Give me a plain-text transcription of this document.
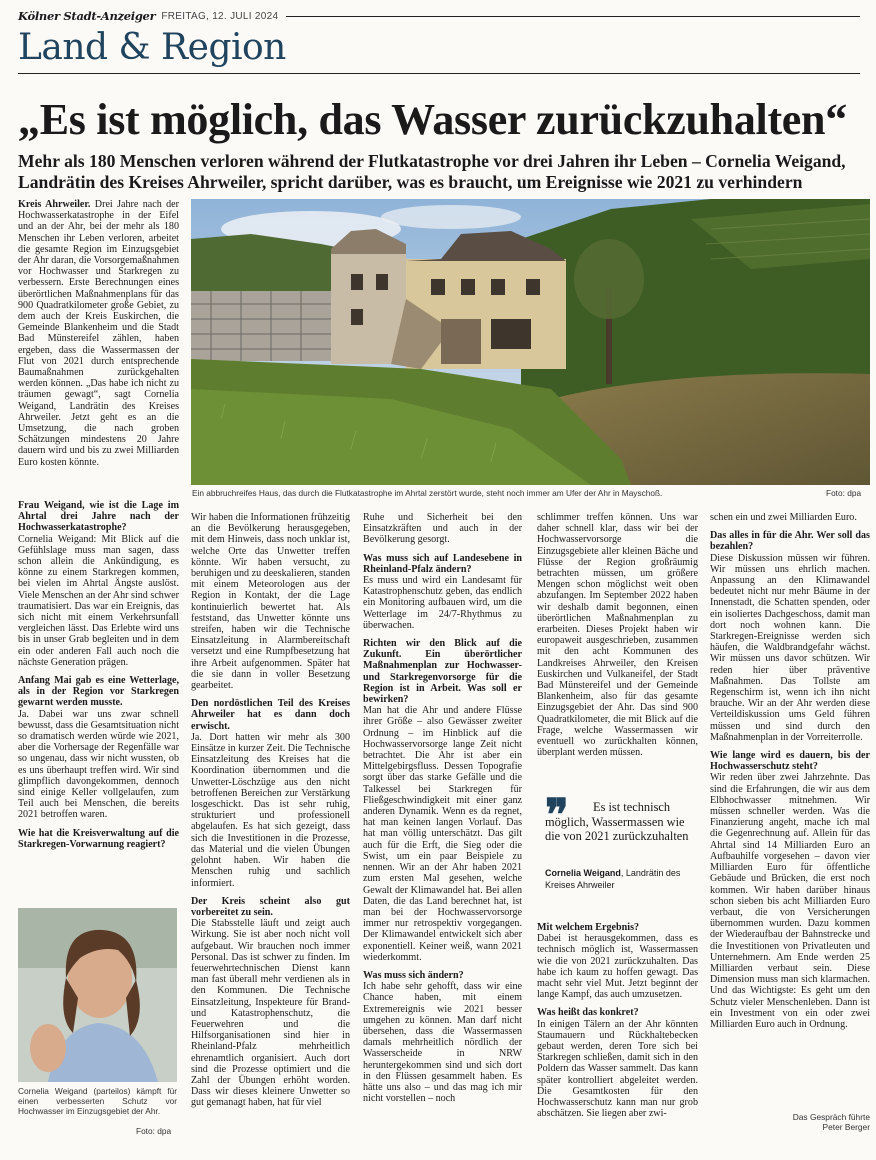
Kölner Stadt-Anzeiger FREITAG, 12. JULI 2024
Land & Region
„Es ist möglich, das Wasser zurückzuhalten“
Mehr als 180 Menschen verloren während der Flutkatastrophe vor drei Jahren ihr Leben – Cornelia Weigand, Landrätin des Kreises Ahrweiler, spricht darüber, was es braucht, um Ereignisse wie 2021 zu verhindern

Kreis Ahrweiler. Drei Jahre nach der Hochwasserkatastrophe in der Eifel und an der Ahr, bei der mehr als 180 Menschen ihr Leben verloren, arbeitet die gesamte Region im Einzugsgebiet der Ahr daran, die Vorsorgemaßnahmen vor Hochwasser und Starkregen zu verbessern. Erste Berechnungen eines überörtlichen Maßnahmenplans für das 900 Quadratkilometer große Gebiet, zu dem auch der Kreis Euskirchen, die Gemeinde Blankenheim und die Stadt Bad Münstereifel zählen, haben ergeben, dass die Wassermassen der Flut von 2021 durch entsprechende Baumaßnahmen zurückgehalten werden können. „Das habe ich nicht zu träumen gewagt“, sagt Cornelia Weigand, Landrätin des Kreises Ahrweiler. Jetzt geht es an die Umsetzung, die nach groben Schätzungen mindestens 20 Jahre dauern wird und bis zu zwei Milliarden Euro kosten könnte.

Ein abbruchreifes Haus, das durch die Flutkatastrophe im Ahrtal zerstört wurde, steht noch immer am Ufer der Ahr in Mayschoß.	Foto: dpa

Frau Weigand, wie ist die Lage im Ahrtal drei Jahre nach der Hochwasserkatastrophe?

Cornelia Weigand: Mit Blick auf die Gefühlslage muss man sagen, dass schon allein die Ankündigung, es könne zu einem Starkregen kommen, bei vielen im Ahrtal Ängste auslöst. Viele Menschen an der Ahr sind schwer traumatisiert. Das war ein Ereignis, das sich nicht mit einem Verkehrsunfall vergleichen lässt. Das Erlebte wird uns bis in unser Grab begleiten und in dem ein oder anderen Fall auch noch die nächste Generation prägen.

Anfang Mai gab es eine Wetterlage, als in der Region vor Starkregen gewarnt werden musste.

Ja. Dabei war uns zwar schnell bewusst, dass die Gesamtsituation nicht so dramatisch werden würde wie 2021, aber die Vorhersage der Regenfälle war so ungenau, dass wir nicht wussten, ob es uns überhaupt treffen wird. Wir sind glimpflich davongekommen, dennoch sind einige Keller vollgelaufen, zum Teil auch bei Menschen, die bereits 2021 betroffen waren.

Wie hat die Kreisverwaltung auf die Starkregen-Vorwarnung reagiert?

Cornelia Weigand (parteilos) kämpft für einen verbesserten Schutz vor Hochwasser im Einzugsgebiet der Ahr.
Foto: dpa

Wir haben die Informationen frühzeitig an die Bevölkerung herausgegeben, mit dem Hinweis, dass noch unklar ist, welche Orte das Unwetter treffen könnte. Wir haben versucht, zu beruhigen und zu deeskalieren, standen mit einem Meteorologen aus der Region in Kontakt, der die Lage kontinuierlich bewertet hat. Als feststand, das Unwetter könnte uns streifen, haben wir die Technische Einsatzleitung in Alarmbereitschaft versetzt und eine Rumpfbesetzung hat ihre Arbeit aufgenommen. Später hat die sie dann in voller Besetzung gearbeitet.

Den nordöstlichen Teil des Kreises Ahrweiler hat es dann doch erwischt.

Ja. Dort hatten wir mehr als 300 Einsätze in kurzer Zeit. Die Technische Einsatzleitung des Kreises hat die Koordination übernommen und die Unwetter-Löschzüge aus den nicht betroffenen Bereichen zur Verstärkung losgeschickt. Das ist sehr ruhig, strukturiert und professionell abgelaufen. Es hat sich gezeigt, dass sich die Investitionen in die Prozesse, das Material und die vielen Übungen gelohnt haben. Wir haben die Menschen ruhig und sachlich informiert.

Der Kreis scheint also gut vorbereitet zu sein.

Die Stabsstelle läuft und zeigt auch Wirkung. Sie ist aber noch nicht voll aufgebaut. Wir brauchen noch immer Personal. Das ist schwer zu finden. Im feuerwehrtechnischen Dienst kann man fast überall mehr verdienen als in den Kommunen. Die Technische Einsatzleitung, Inspekteure für Brand- und Katastrophenschutz, die Feuerwehren und die Hilfsorganisationen sind hier in Rheinland-Pfalz mehrheitlich ehrenamtlich organisiert. Auch dort sind die Prozesse optimiert und die Zahl der Übungen erhöht worden. Dass wir dieses kleinere Unwetter so gut gemanagt haben, hat für viel

Ruhe und Sicherheit bei den Einsatzkräften und auch in der Bevölkerung gesorgt.

Was muss sich auf Landesebene in Rheinland-Pfalz ändern?

Es muss und wird ein Landesamt für Katastrophenschutz geben, das endlich ein Monitoring aufbauen wird, um die Wetterlage im 24/7-Rhythmus zu überwachen.

Richten wir den Blick auf die Zukunft. Ein überörtlicher Maßnahmenplan zur Hochwasser- und Starkregenvorsorge für die Region ist in Arbeit. Was soll er bewirken?

Man hat die Ahr und andere Flüsse ihrer Größe – also Gewässer zweiter Ordnung – im Hinblick auf die Hochwasservorsorge lange Zeit nicht betrachtet. Die Ahr ist aber ein Mittelgebirgsfluss. Dessen Topografie sorgt über das starke Gefälle und die Talkessel bei Starkregen für Fließgeschwindigkeit mit einer ganz anderen Dynamik. Wenn es da regnet, hat man keinen langen Vorlauf. Das hat man völlig unterschätzt. Das gilt auch für die Erft, die Sieg oder die Swist, um ein paar Beispiele zu nennen. Wir an der Ahr haben 2021 zum ersten Mal gesehen, welche Gewalt der Klimawandel hat. Bei allen Daten, die das Land berechnet hat, ist man bei der Hochwasservorsorge immer nur retrospektiv vorgegangen. Der Klimawandel entwickelt sich aber exponentiell. Keiner weiß, wann 2021 wiederkommt.

Was muss sich ändern?

Ich habe sehr gehofft, dass wir eine Chance haben, mit einem Extremereignis wie 2021 besser umgehen zu können. Man darf nicht übersehen, dass die Wassermassen damals mehrheitlich nördlich der Wasserscheide in NRW heruntergekommen sind und sich dort in den Flüssen gesammelt haben. Es hätte uns also – und das mag ich mir nicht vorstellen – noch

schlimmer treffen können. Uns war daher schnell klar, dass wir bei der Hochwasservorsorge die Einzugsgebiete aller kleinen Bäche und Flüsse der Region großräumig betrachten müssen, um größere Mengen schon möglichst weit oben abzufangen. Im September 2022 haben wir deshalb damit begonnen, einen überörtlichen Maßnahmenplan zu erarbeiten. Dieses Projekt haben wir europaweit ausgeschrieben, zusammen mit den acht Kommunen des Landkreises Ahrweiler, den Kreisen Euskirchen und Vulkaneifel, der Stadt Bad Münstereifel und der Gemeinde Blankenheim, also für das gesamte Einzugsgebiet der Ahr. Das sind 900 Quadratkilometer, die mit Blick auf die Frage, welche Wassermassen wir eventuell wo zurückhalten können, überplant werden müssen.

❞	Es ist technisch möglich, Wassermassen wie die von 2021 zurückzuhalten
Cornelia Weigand, Landrätin des Kreises Ahrweiler

Mit welchem Ergebnis?

Dabei ist herausgekommen, dass es technisch möglich ist, Wassermassen wie die von 2021 zurückzuhalten. Das habe ich kaum zu hoffen gewagt. Das macht sehr viel Mut. Jetzt beginnt der lange Kampf, das auch umzusetzen.

Was heißt das konkret?

In einigen Tälern an der Ahr könnten Staumauern und Rückhaltebecken gebaut werden, deren Tore sich bei Starkregen schließen, damit sich in den Poldern das Wasser sammelt. Das kann später kontrolliert abgeleitet werden. Die Gesamtkosten für den Hochwasserschutz kann man nur grob abschätzen. Sie liegen aber zwi-

schen ein und zwei Milliarden Euro.

Das alles in für die Ahr. Wer soll das bezahlen?

Diese Diskussion müssen wir führen. Wir müssen uns ehrlich machen. Anpassung an den Klimawandel bedeutet nicht nur mehr Bäume in der Innenstadt, die Schatten spenden, oder ein isoliertes Dachgeschoss, damit man dort noch wohnen kann. Die Starkregen-Ereignisse werden sich häufen, die Waldbrandgefahr wächst. Wir müssen uns davor schützen. Wir reden hier über präventive Maßnahmen. Das Tollste am Regenschirm ist, wenn ich ihn nicht brauche. Wir an der Ahr werden diese Verteildiskussion ums Geld führen müssen und sind durch den Maßnahmenplan in der Vorreiterrolle.

Wie lange wird es dauern, bis der Hochwasserschutz steht?

Wir reden über zwei Jahrzehnte. Das sind die Erfahrungen, die wir aus dem Elbhochwasser mitnehmen. Wir müssen schneller werden. Was die Finanzierung angeht, mache ich mal die Gegenrechnung auf. Allein für das Ahrtal sind 14 Milliarden Euro an Aufbauhilfe vorgesehen – davon vier Milliarden Euro für öffentliche Gebäude und Brücken, die erst noch kommen. Wir haben darüber hinaus schon sieben bis acht Milliarden Euro verbaut, die von Versicherungen übernommen wurden. Dazu kommen der Wiederaufbau der Bahnstrecke und die Investitionen von Privatleuten und Unternehmern. Am Ende werden 25 Milliarden verbaut sein. Diese Dimension muss man sich klarmachen. Und das Wichtigste: Es geht um den Schutz vieler Menschenleben. Dann ist ein Investment von ein oder zwei Milliarden Euro auch in Ordnung.

Das Gespräch führte
Peter Berger
